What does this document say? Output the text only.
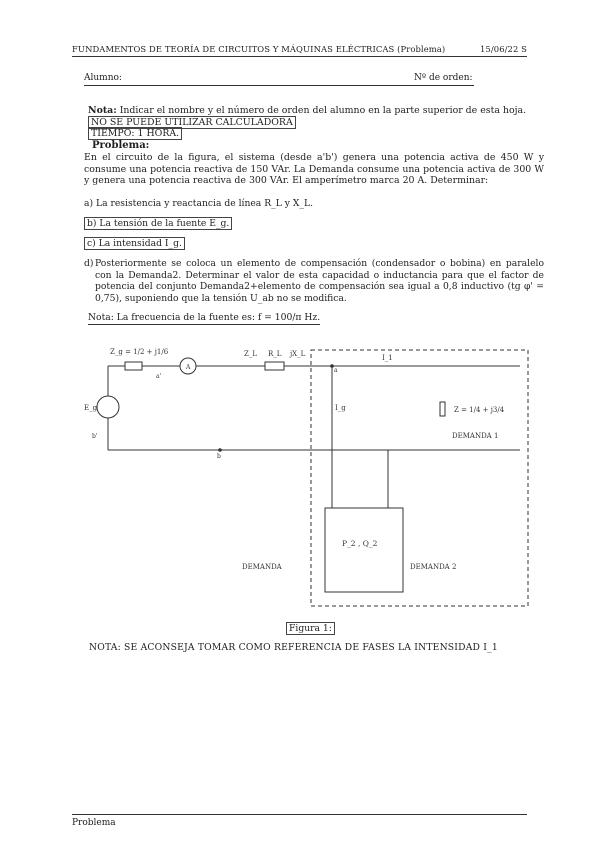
FUNDAMENTOS DE TEORÍA DE CIRCUITOS Y MÁQUINAS ELÉCTRICAS (Problema)	15/06/22 S
Alumno:	Nº de orden:
Nota: Indicar el nombre y el número de orden del alumno en la parte superior de esta hoja.
NO SE PUEDE UTILIZAR CALCULADORA
TIEMPO: 1 HORA.
Problema:
En el circuito de la figura, el sistema (desde a'b') genera una potencia activa de 450 W y consume una potencia reactiva de 150 VAr. La Demanda consume una potencia activa de 300 W y genera una potencia reactiva de 300 VAr. El amperímetro marca 20 A. Determinar:
a) La resistencia y reactancia de línea R_L y X_L.
b) La tensión de la fuente E_g.
c) La intensidad I_g.
d) Posteriormente se coloca un elemento de compensación (condensador o bobina) en paralelo con la Demanda2. Determinar el valor de esta capacidad o inductancia para que el factor de potencia del conjunto Demanda2+elemento de compensación sea igual a 0,8 inductivo (tg φ' = 0,75), suponiendo que la tensión U_ab no se modifica.
Nota: La frecuencia de la fuente es: f = 100/π Hz.
Z_g = 1/2 + j1/6
A
Z_L R_L jX_L
a
a'
b
b'
E_g
I_1
I_g	Z = 1/4 + j3/4
DEMANDA 1
P_2 , Q_2
DEMANDA	DEMANDA 2
Figura 1:
NOTA: SE ACONSEJA TOMAR COMO REFERENCIA DE FASES LA INTENSIDAD I_1
Problema
